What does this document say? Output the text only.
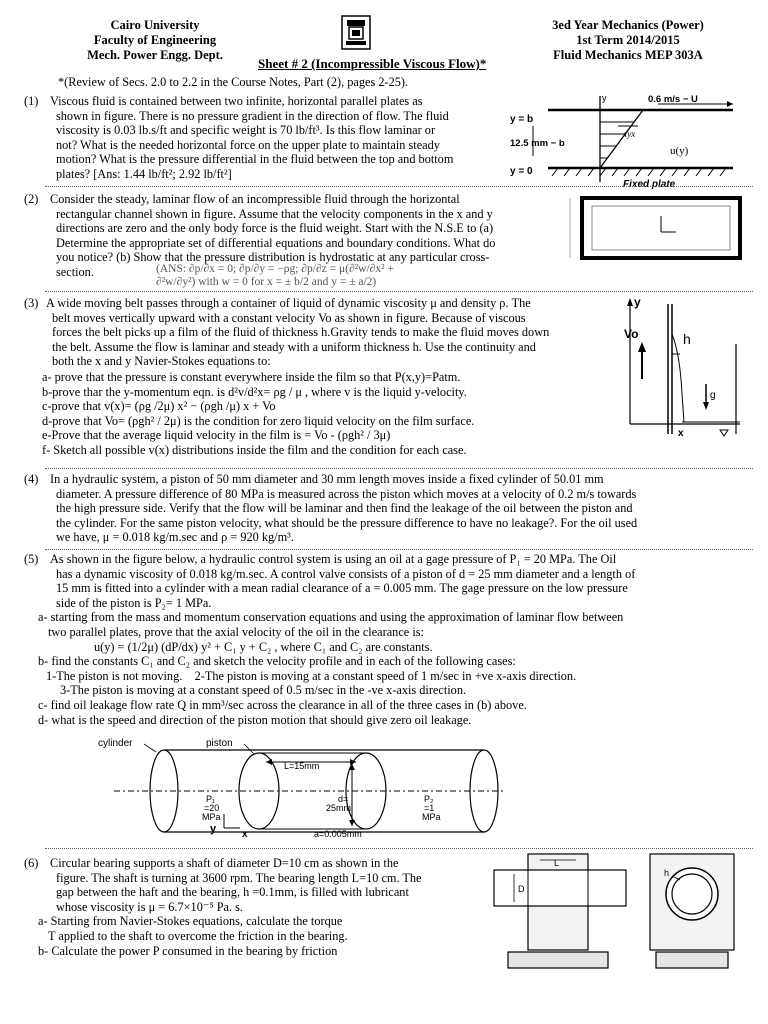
Cairo University
Faculty of Engineering
Mech. Power Engg. Dept.
3ed Year Mechanics (Power)
1st Term 2014/2015
Fluid Mechanics MEP 303A
Sheet # 2 (Incompressible Viscous Flow)*
*(Review of Secs. 2.0 to 2.2 in the Course Notes, Part (2), pages 2-25).
(1) Viscous fluid is contained between two infinite, horizontal parallel plates as
shown in figure. There is no pressure gradient in the direction of flow. The fluid
viscosity is 0.03 lb.s/ft and specific weight is 70 lb/ft³. Is this flow laminar or
not? What is the needed horizontal force on the upper plate to maintain steady
motion? What is the pressure differential in the fluid between the top and bottom
plates? [Ans: 1.44 lb/ft²; 2.92 lb/ft²]
y	0.6 m/s − U
y = b
12.5 mm − b
y = 0
τyx
u(y)
Fixed plate
(2) Consider the steady, laminar flow of an incompressible fluid through the horizontal
rectangular channel shown in figure. Assume that the velocity components in the x and y
directions are zero and the only body force is the fluid weight. Start with the N.S.E to (a)
Determine the appropriate set of differential equations and boundary conditions. What do
you notice? (b) Show that the pressure distribution is hydrostatic at any particular cross-
section.	(ANS: ∂p/∂x = 0; ∂p/∂y = −ρg; ∂p/∂z = μ(∂²w/∂x² +
∂²w/∂y²) with w = 0 for x = ± b/2 and y = ± a/2)
(3) A wide moving belt passes through a container of liquid of dynamic viscosity μ and density ρ. The
belt moves vertically upward with a constant velocity Vo as shown in figure. Because of viscous
forces the belt picks up a film of the fluid of thickness h.Gravity tends to make the fluid moves down
the belt. Assume the flow is laminar and steady with a uniform thickness h. Use the continuity and
both the x and y Navier-Stokes equations to:
a- prove that the pressure is constant everywhere inside the film so that P(x,y)=Patm.
b-prove thar the y-momentum eqn. is d²v/d²x= ρg / μ , where v is the liquid y-velocity.
c-prove that v(x)= (ρg /2μ) x² − (ρgh /μ) x + Vo
d-prove that Vo= (ρgh² / 2μ) is the condition for zero liquid velocity on the film surface.
e-Prove that the average liquid velocity in the film is = Vo - (ρgh² / 3μ)
f- Sketch all possible v(x) distributions inside the film and the condition for each case.
y
Vo	h
g
x
(4) In a hydraulic system, a piston of 50 mm diameter and 30 mm length moves inside a fixed cylinder of 50.01 mm
diameter. A pressure difference of 80 MPa is measured across the piston which moves at a velocity of 0.2 m/s towards
the high pressure side. Verify that the flow will be laminar and then find the leakage of the oil between the piston and
the cylinder. For the same piston velocity, what should be the pressure difference to have no leakage?. For the oil used
we have, μ = 0.018 kg/m.sec and ρ = 920 kg/m³.
(5) As shown in the figure below, a hydraulic control system is using an oil at a gage pressure of P₁ = 20 MPa. The Oil
has a dynamic viscosity of 0.018 kg/m.sec. A control valve consists of a piston of d = 25 mm diameter and a length of
15 mm is fitted into a cylinder with a mean radial clearance of a = 0.005 mm. The gage pressure on the low pressure
side of the piston is P₂= 1 MPa.
a- starting from the mass and momentum conservation equations and using the approximation of laminar flow between
two parallel plates, prove that the axial velocity of the oil in the clearance is:
u(y) = (1/2μ) (dP/dx) y² + C₁ y + C₂ , where C₁ and C₂ are constants.
b- find the constants C₁ and C₂ and sketch the velocity profile and in each of the following cases:
1-The piston is not moving.    2-The piston is moving at a constant speed of 1 m/sec in +ve x-axis direction.
3-The piston is moving at a constant speed of 0.5 m/sec in the -ve x-axis direction.
c- find oil leakage flow rate Q in mm³/sec across the clearance in all of the three cases in (b) above.
d- what is the speed and direction of the piston motion that should give zero oil leakage.
cylinder	piston
L=15mm
P₁
=20
MPa
d=
25mm
P₂
=1
MPa
a=0.005mm
y	x
(6) Circular bearing supports a shaft of diameter D=10 cm as shown in the
figure. The shaft is turning at 3600 rpm. The bearing length L=10 cm. The
gap between the haft and the bearing, h =0.1mm, is filled with lubricant
whose viscosity is μ = 6.7×10⁻⁵ Pa. s.
a- Starting from Navier-Stokes equations, calculate the torque
T applied to the shaft to overcome the friction in the bearing.
b- Calculate the power P consumed in the bearing by friction
D
L
h
